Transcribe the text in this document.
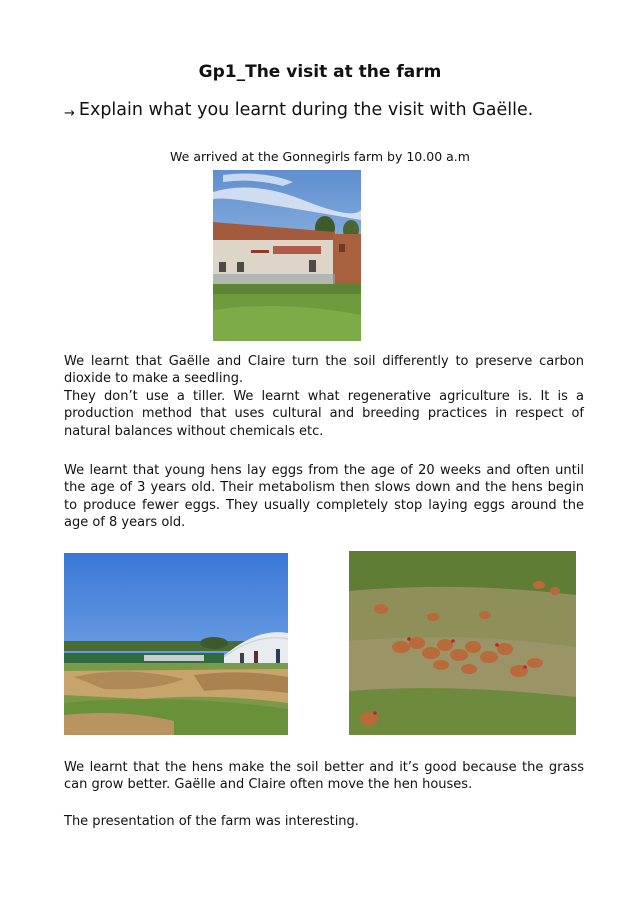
Gp1_The visit at the farm
→ Explain what you learnt during the visit with Gaëlle.
We arrived at the Gonnegirls farm by 10.00 a.m

We learnt that Gaëlle and Claire turn the soil differently to preserve carbon dioxide to make a seedling.

They don’t use a tiller. We learnt what regenerative agriculture is. It is a production method that uses cultural and breeding practices in respect of natural balances without chemicals etc.

We learnt that young hens lay eggs from the age of 20 weeks and often until the age of 3 years old. Their metabolism then slows down and the hens begin to produce fewer eggs. They usually completely stop laying eggs around the age of 8 years old.
We learnt that the hens make the soil better and it’s good because the grass can grow better. Gaëlle and Claire often move the hen houses.
The presentation of the farm was interesting.
